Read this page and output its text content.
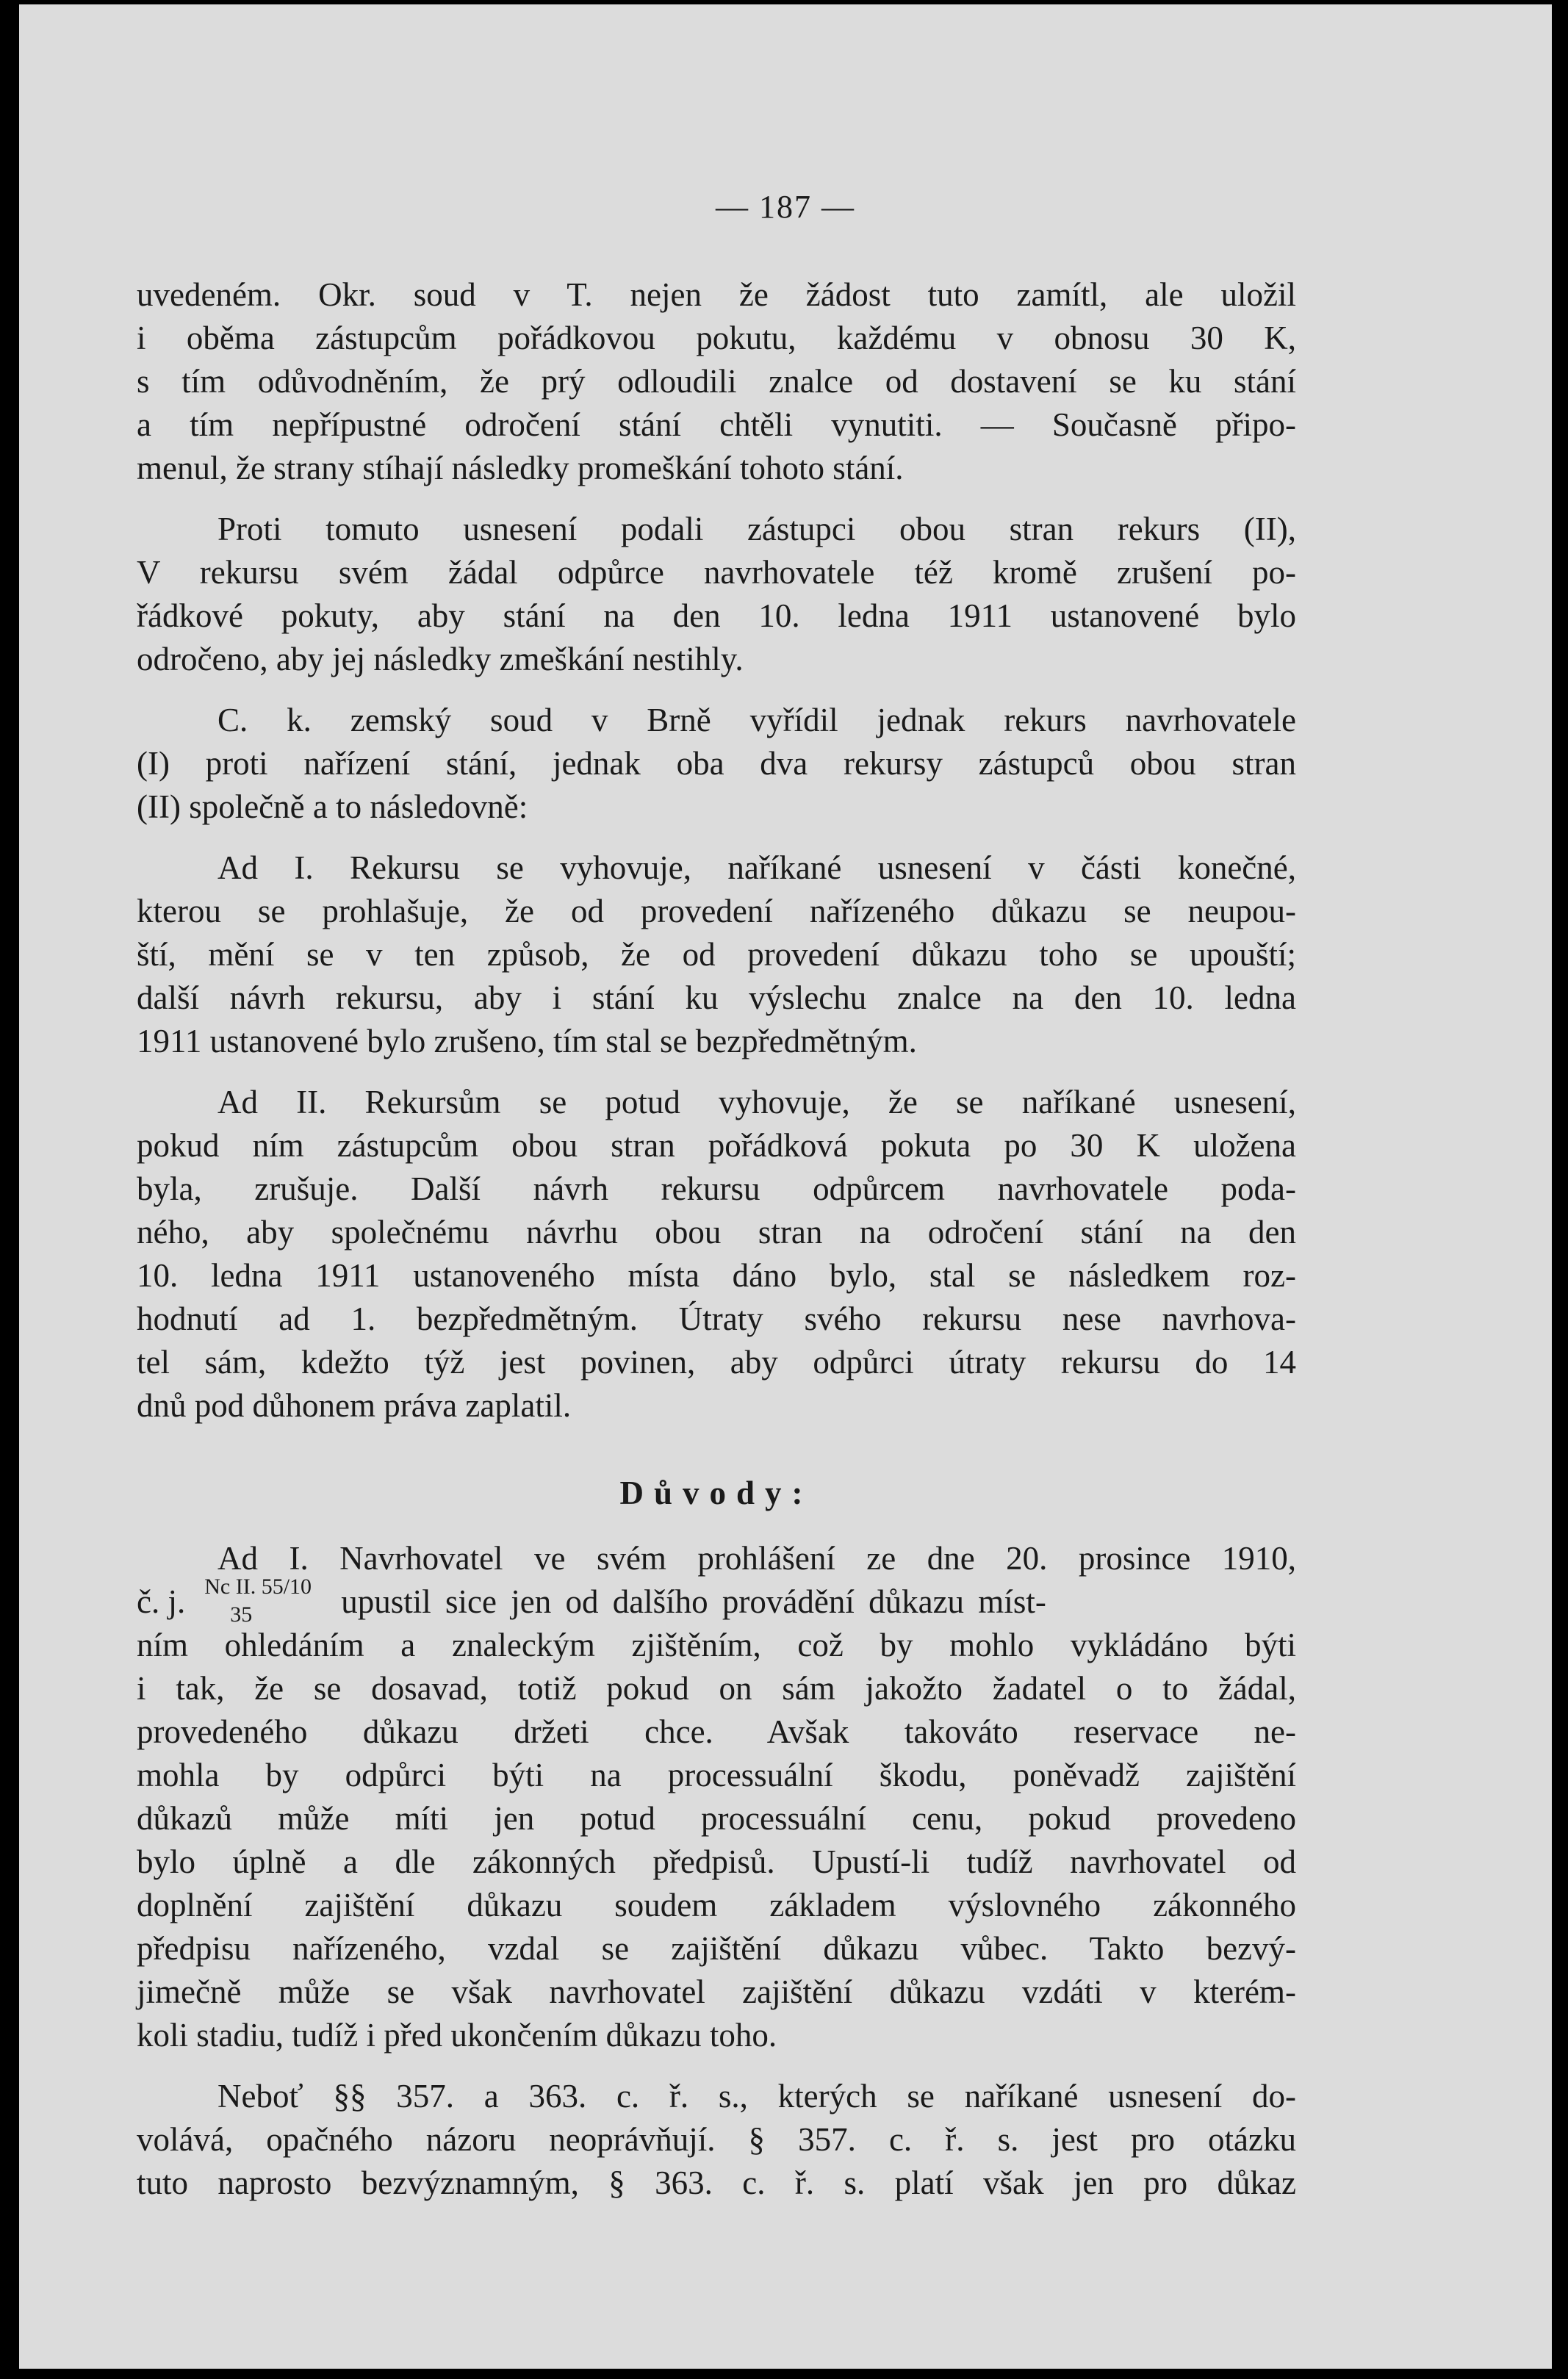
— 187 —
uvedeném. Okr. soud v T. nejen že žádost tuto zamítl, ale uložil
i oběma zástupcům pořádkovou pokutu, každému v obnosu 30 K,
s tím odůvodněním, že prý odloudili znalce od dostavení se ku stání
a tím nepřípustné odročení stání chtěli vynutiti. — Současně připo-
menul, že strany stíhají následky promeškání tohoto stání.
Proti tomuto usnesení podali zástupci obou stran rekurs (II),
V rekursu svém žádal odpůrce navrhovatele též kromě zrušení po-
řádkové pokuty, aby stání na den 10. ledna 1911 ustanovené bylo
odročeno, aby jej následky zmeškání nestihly.
C. k. zemský soud v Brně vyřídil jednak rekurs navrhovatele
(I) proti nařízení stání, jednak oba dva rekursy zástupců obou stran
(II) společně a to následovně:
Ad I. Rekursu se vyhovuje, naříkané usnesení v části konečné,
kterou se prohlašuje, že od provedení nařízeného důkazu se neupou-
ští, mění se v ten způsob, že od provedení důkazu toho se upouští;
další návrh rekursu, aby i stání ku výslechu znalce na den 10. ledna
1911 ustanovené bylo zrušeno, tím stal se bezpředmětným.
Ad II. Rekursům se potud vyhovuje, že se naříkané usnesení,
pokud ním zástupcům obou stran pořádková pokuta po 30 K uložena
byla, zrušuje. Další návrh rekursu odpůrcem navrhovatele poda-
ného, aby společnému návrhu obou stran na odročení stání na den
10. ledna 1911 ustanoveného místa dáno bylo, stal se následkem roz-
hodnutí ad 1. bezpředmětným. Útraty svého rekursu nese navrhova-
tel sám, kdežto týž jest povinen, aby odpůrci útraty rekursu do 14
dnů pod důhonem práva zaplatil.
Důvody:
Ad I. Navrhovatel ve svém prohlášení ze dne 20. prosince 1910,
č. j. Nc II. 55/10
35	upustil sice jen od dalšího provádění důkazu míst-
ním ohledáním a znaleckým zjištěním, což by mohlo vykládáno býti
i tak, že se dosavad, totiž pokud on sám jakožto žadatel o to žádal,
provedeného důkazu držeti chce. Avšak takováto reservace ne-
mohla by odpůrci býti na processuální škodu, poněvadž zajištění
důkazů může míti jen potud processuální cenu, pokud provedeno
bylo úplně a dle zákonných předpisů. Upustí-li tudíž navrhovatel od
doplnění zajištění důkazu soudem základem výslovného zákonného
předpisu nařízeného, vzdal se zajištění důkazu vůbec. Takto bezvý-
jimečně může se však navrhovatel zajištění důkazu vzdáti v kterém-
koli stadiu, tudíž i před ukončením důkazu toho.
Neboť §§ 357. a 363. c. ř. s., kterých se naříkané usnesení do-
volává, opačného názoru neoprávňují. § 357. c. ř. s. jest pro otázku
tuto naprosto bezvýznamným, § 363. c. ř. s. platí však jen pro důkaz
